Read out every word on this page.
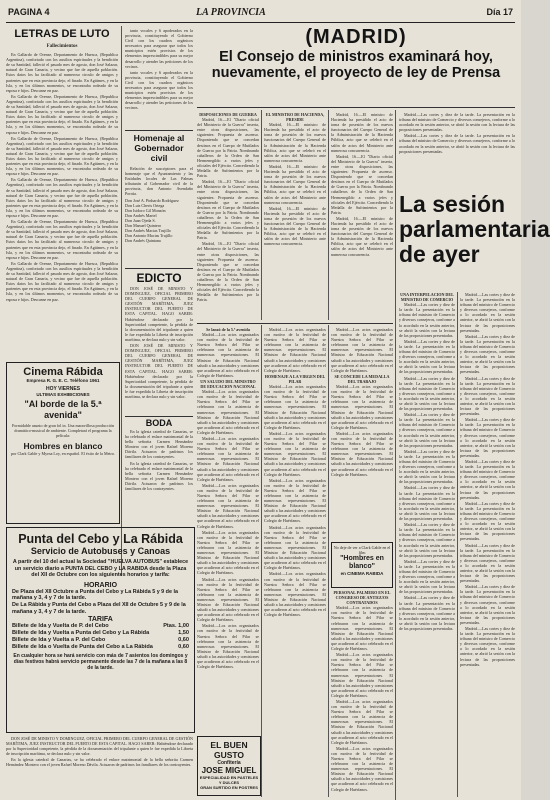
PAGINA 4	LA PROVINCIA	Día 17
LETRAS DE LUTO
Fallecimientos

En Gallardo de Orense, Departamento de Huesca, (Republica Argentina), confortado con los auxilios espirituales y la bendición de su Santidad, falleció el pasado mes de agosto, don José Salazar, natural de Gran Canaria, y vecino que fue de aquella población. Estos datos los ha facilitado al numeroso circulo de amigos y parientes que en esta provincia dejo, el finado. En Agüimes, y en la Isla, y en los últimos momentos, se encontraba rodeado de su esposa e hijos. Descanse en paz.

En Gallardo de Orense, Departamento de Huesca, (Republica Argentina), confortado con los auxilios espirituales y la bendición de su Santidad, falleció el pasado mes de agosto, don José Salazar, natural de Gran Canaria, y vecino que fue de aquella población. Estos datos los ha facilitado al numeroso circulo de amigos y parientes que en esta provincia dejo, el finado. En Agüimes, y en la Isla, y en los últimos momentos, se encontraba rodeado de su esposa e hijos. Descanse en paz.

En Gallardo de Orense, Departamento de Huesca, (Republica Argentina), confortado con los auxilios espirituales y la bendición de su Santidad, falleció el pasado mes de agosto, don José Salazar, natural de Gran Canaria, y vecino que fue de aquella población. Estos datos los ha facilitado al numeroso circulo de amigos y parientes que en esta provincia dejo, el finado. En Agüimes, y en la Isla, y en los últimos momentos, se encontraba rodeado de su esposa e hijos. Descanse en paz.

En Gallardo de Orense, Departamento de Huesca, (Republica Argentina), confortado con los auxilios espirituales y la bendición de su Santidad, falleció el pasado mes de agosto, don José Salazar, natural de Gran Canaria, y vecino que fue de aquella población. Estos datos los ha facilitado al numeroso circulo de amigos y parientes que en esta provincia dejo, el finado. En Agüimes, y en la Isla, y en los últimos momentos, se encontraba rodeado de su esposa e hijos. Descanse en paz.

En Gallardo de Orense, Departamento de Huesca, (Republica Argentina), confortado con los auxilios espirituales y la bendición de su Santidad, falleció el pasado mes de agosto, don José Salazar, natural de Gran Canaria, y vecino que fue de aquella población. Estos datos los ha facilitado al numeroso circulo de amigos y parientes que en esta provincia dejo, el finado. En Agüimes, y en la Isla, y en los últimos momentos, se encontraba rodeado de su esposa e hijos. Descanse en paz.

En Gallardo de Orense, Departamento de Huesca, (Republica Argentina), confortado con los auxilios espirituales y la bendición de su Santidad, falleció el pasado mes de agosto, don José Salazar, natural de Gran Canaria, y vecino que fue de aquella población. Estos datos los ha facilitado al numeroso circulo de amigos y parientes que en esta provincia dejo, el finado. En Agüimes, y en la Isla, y en los últimos momentos, se encontraba rodeado de su esposa e hijos. Descanse en paz.

tanto vocales y 6 apoderados en la provincia, constituyendo el Gobierno Civil con los cuadros orgánicos necesarios para asegurar que todos los municipios estén provistos de los elementos imprescindibles para su mejor desarrollo y atender las peticiones de los vecinos.

tanto vocales y 6 apoderados en la provincia, constituyendo el Gobierno Civil con los cuadros orgánicos necesarios para asegurar que todos los municipios estén provistos de los elementos imprescindibles para su mejor desarrollo y atender las peticiones de los vecinos.

Homenaje al Gobernador civil

Relación de suscriptores para el homenaje que el Ayuntamiento y las Entidades locales de Las Palmas tributarán al Gobernador civil de la provincia, don Antonio Avendaño Porrúa.

Don José A. Pinhardo Rodríguez
Don Luis Cheris Ortega
Don Isidoro Gil Monzón
Don Andrés Martel
Don Juan Ojeda S.
Don Manuel Quintero
Don Andrés Macias Trujillo
Don Antonio Macias Trujillo
Don Andrés Quintana
EDICTO

DON JOSÉ DE MINISTO Y DOMINGUEZ, OFICIAL PRIMERO DEL CUERPO GENERAL DE GESTIÓN MARÍTIMA, JUEZ INSTRUCTOR DEL PUERTO DE ESTA CAPITAL. HAGO SABER: Habiéndose declarado por la Superioridad competente, la pérdida de la documentación del tripulante a quien le fue expedida la Libreta de inscripción marítima, se declara nulo y sin valor.

DON JOSÉ DE MINISTO Y DOMINGUEZ, OFICIAL PRIMERO DEL CUERPO GENERAL DE GESTIÓN MARÍTIMA, JUEZ INSTRUCTOR DEL PUERTO DE ESTA CAPITAL. HAGO SABER: Habiéndose declarado por la Superioridad competente, la pérdida de la documentación del tripulante a quien le fue expedida la Libreta de inscripción marítima, se declara nulo y sin valor.

BODA

En la iglesia catedral de Canarias, se ha celebrado el enlace matrimonial de la bella señorita Carmen Hernández Montero con el joven Rafael Moreno Dávila. Actuaron de padrinos los familiares de los contrayentes.

En la iglesia catedral de Canarias, se ha celebrado el enlace matrimonial de la bella señorita Carmen Hernández Montero con el joven Rafael Moreno Dávila. Actuaron de padrinos los familiares de los contrayentes.

Cinema Rábida
Empresa R. G. E. C. Teléfono 1961
HOY VIERNES
ULTIMAS EXHIBICIONES
"Al borde de la 5.ª avenida"
Formidable asunto de gran fol in. Una maravillosa producción dramático-musical de ambiente. Completará el programa la película:
Hombres en blanco
por Clark Gable y Myrna Loy, en español. El éxito de la Metro.
Punta del Cebo y La Rábida
Servicio de Autobuses y Canoas
A partir del 10 del actual la Sociedad "HUELVA AUTOBUS" establece un servicio diario a PUNTA DEL CEBO y LA RABIDA desde la Plaza del XII de Octubre con los siguientes horarios y tarifa:
HORARIO
De Plaza del XII Octubre a Punta del Cebo y La Rábida 5 y 9 de la mañana y 3, 4 y 7 de la tarde.
De La Rábida y Punta del Cebo a Plaza del XII de Octubre 5 y 9 de la mañana y 3, 4 y 7 de la tarde.
TARIFA
Billete de Ida y Vuelta de P. del Cebo	Ptas. 1,00
Billete de Ida y Vuelta a Punta del Cebo y La Rábida	1,50
Billete de Ida y Vuelta a P. del Cebo	0,60
Billete de Ida o Vuelta de Punta del Cebo a La Rábida	0,60
En cualquier hora se hará servicio con más de 7 asientos los domingos y días festivos habrá servicio permanente desde las 7 de la mañana a las 8 de la tarde.
(MADRID)
El Consejo de ministros examinará hoy, nuevamente, el proyecto de ley de Prensa
DISPOSICIONES DE GUERRA

Madrid, 16.—El "Diario oficial del Ministerio de la Guerra" inserta, entre otras disposiciones, las siguientes: Propuesta de ascenso. Disponiendo que se concedan destinos en el Cuerpo de Mutilados de Guerra por la Patria. Nombrando caballeros de la Orden de San Hermenegildo a varios jefes y oficiales del Ejército. Concediendo la Medalla de Sufrimientos por la Patria.

Madrid, 16.—El "Diario oficial del Ministerio de la Guerra" inserta, entre otras disposiciones, las siguientes: Propuesta de ascenso. Disponiendo que se concedan destinos en el Cuerpo de Mutilados de Guerra por la Patria. Nombrando caballeros de la Orden de San Hermenegildo a varios jefes y oficiales del Ejército. Concediendo la Medalla de Sufrimientos por la Patria.

Madrid, 16.—El "Diario oficial del Ministerio de la Guerra" inserta, entre otras disposiciones, las siguientes: Propuesta de ascenso. Disponiendo que se concedan destinos en el Cuerpo de Mutilados de Guerra por la Patria. Nombrando caballeros de la Orden de San Hermenegildo a varios jefes y oficiales del Ejército. Concediendo la Medalla de Sufrimientos por la Patria.

EL MINISTRO DE HACIENDA, PRESIDE

Madrid, 16.—El ministro de Hacienda ha presidido el acto de toma de posesión de los nuevos funcionarios del Cuerpo General de la Administración de la Hacienda Pública, acto que se celebró en el salón de actos del Ministerio ante numerosa concurrencia.

Madrid, 16.—El ministro de Hacienda ha presidido el acto de toma de posesión de los nuevos funcionarios del Cuerpo General de la Administración de la Hacienda Pública, acto que se celebró en el salón de actos del Ministerio ante numerosa concurrencia.

Madrid, 16.—El ministro de Hacienda ha presidido el acto de toma de posesión de los nuevos funcionarios del Cuerpo General de la Administración de la Hacienda Pública, acto que se celebró en el salón de actos del Ministerio ante numerosa concurrencia.

Madrid, 16.—El ministro de Hacienda ha presidido el acto de toma de posesión de los nuevos funcionarios del Cuerpo General de la Administración de la Hacienda Pública, acto que se celebró en el salón de actos del Ministerio ante numerosa concurrencia.

Madrid, 16.—El "Diario oficial del Ministerio de la Guerra" inserta, entre otras disposiciones, las siguientes: Propuesta de ascenso. Disponiendo que se concedan destinos en el Cuerpo de Mutilados de Guerra por la Patria. Nombrando caballeros de la Orden de San Hermenegildo a varios jefes y oficiales del Ejército. Concediendo la Medalla de Sufrimientos por la Patria.

Madrid, 16.—El ministro de Hacienda ha presidido el acto de toma de posesión de los nuevos funcionarios del Cuerpo General de la Administración de la Hacienda Pública, acto que se celebró en el salón de actos del Ministerio ante numerosa concurrencia.

Madrid.—Las cortes y diez de la tarde. La presentación en la tribuna del ministro de Comercio y diversos consejeros, conforme a lo acordado en la sesión anterior, se abrió la sesión con la lectura de las proposiciones presentadas.

Madrid.—Las cortes y diez de la tarde. La presentación en la tribuna del ministro de Comercio y diversos consejeros, conforme a lo acordado en la sesión anterior, se abrió la sesión con la lectura de las proposiciones presentadas.

La sesión parlamentaria de ayer
UNA INTERPELACION DEL MINISTRO DE COMERCIO

Madrid.—Las cortes y diez de la tarde. La presentación en la tribuna del ministro de Comercio y diversos consejeros, conforme a lo acordado en la sesión anterior, se abrió la sesión con la lectura de las proposiciones presentadas.

Madrid.—Las cortes y diez de la tarde. La presentación en la tribuna del ministro de Comercio y diversos consejeros, conforme a lo acordado en la sesión anterior, se abrió la sesión con la lectura de las proposiciones presentadas.

Madrid.—Las cortes y diez de la tarde. La presentación en la tribuna del ministro de Comercio y diversos consejeros, conforme a lo acordado en la sesión anterior, se abrió la sesión con la lectura de las proposiciones presentadas.

Madrid.—Las cortes y diez de la tarde. La presentación en la tribuna del ministro de Comercio y diversos consejeros, conforme a lo acordado en la sesión anterior, se abrió la sesión con la lectura de las proposiciones presentadas.

Madrid.—Las cortes y diez de la tarde. La presentación en la tribuna del ministro de Comercio y diversos consejeros, conforme a lo acordado en la sesión anterior, se abrió la sesión con la lectura de las proposiciones presentadas.

Madrid.—Las cortes y diez de la tarde. La presentación en la tribuna del ministro de Comercio y diversos consejeros, conforme a lo acordado en la sesión anterior, se abrió la sesión con la lectura de las proposiciones presentadas.

Madrid.—Las cortes y diez de la tarde. La presentación en la tribuna del ministro de Comercio y diversos consejeros, conforme a lo acordado en la sesión anterior, se abrió la sesión con la lectura de las proposiciones presentadas.

Madrid.—Las cortes y diez de la tarde. La presentación en la tribuna del ministro de Comercio y diversos consejeros, conforme a lo acordado en la sesión anterior, se abrió la sesión con la lectura de las proposiciones presentadas.

Madrid.—Las cortes y diez de la tarde. La presentación en la tribuna del ministro de Comercio y diversos consejeros, conforme a lo acordado en la sesión anterior, se abrió la sesión con la lectura de las proposiciones presentadas.

Madrid.—Las cortes y diez de la tarde. La presentación en la tribuna del ministro de Comercio y diversos consejeros, conforme a lo acordado en la sesión anterior, se abrió la sesión con la lectura de las proposiciones presentadas.

Madrid.—Las cortes y diez de la tarde. La presentación en la tribuna del ministro de Comercio y diversos consejeros, conforme a lo acordado en la sesión anterior, se abrió la sesión con la lectura de las proposiciones presentadas.

Madrid.—Las cortes y diez de la tarde. La presentación en la tribuna del ministro de Comercio y diversos consejeros, conforme a lo acordado en la sesión anterior, se abrió la sesión con la lectura de las proposiciones presentadas.

Madrid.—Las cortes y diez de la tarde. La presentación en la tribuna del ministro de Comercio y diversos consejeros, conforme a lo acordado en la sesión anterior, se abrió la sesión con la lectura de las proposiciones presentadas.

Madrid.—Las cortes y diez de la tarde. La presentación en la tribuna del ministro de Comercio y diversos consejeros, conforme a lo acordado en la sesión anterior, se abrió la sesión con la lectura de las proposiciones presentadas.

Madrid.—Las cortes y diez de la tarde. La presentación en la tribuna del ministro de Comercio y diversos consejeros, conforme a lo acordado en la sesión anterior, se abrió la sesión con la lectura de las proposiciones presentadas.

Madrid.—Las cortes y diez de la tarde. La presentación en la tribuna del ministro de Comercio y diversos consejeros, conforme a lo acordado en la sesión anterior, se abrió la sesión con la lectura de las proposiciones presentadas.

Madrid.—Las cortes y diez de la tarde. La presentación en la tribuna del ministro de Comercio y diversos consejeros, conforme a lo acordado en la sesión anterior, se abrió la sesión con la lectura de las proposiciones presentadas.

Madrid.—Las cortes y diez de la tarde. La presentación en la tribuna del ministro de Comercio y diversos consejeros, conforme a lo acordado en la sesión anterior, se abrió la sesión con la lectura de las proposiciones presentadas.

Se lanzó de la 5.ª avenida

Madrid.—Los actos organizados con motivo de la festividad de Nuestra Señora del Pilar se celebraron con la asistencia de numerosas representaciones. El Ministro de Educación Nacional saludó a las autoridades y comisiones que acudieron al acto celebrado en el Colegio de Huérfanos.

UN SALUDO DEL MINISTRO DE EDUCACION NACIONAL

Madrid.—Los actos organizados con motivo de la festividad de Nuestra Señora del Pilar se celebraron con la asistencia de numerosas representaciones. El Ministro de Educación Nacional saludó a las autoridades y comisiones que acudieron al acto celebrado en el Colegio de Huérfanos.

Madrid.—Los actos organizados con motivo de la festividad de Nuestra Señora del Pilar se celebraron con la asistencia de numerosas representaciones. El Ministro de Educación Nacional saludó a las autoridades y comisiones que acudieron al acto celebrado en el Colegio de Huérfanos.

Madrid.—Los actos organizados con motivo de la festividad de Nuestra Señora del Pilar se celebraron con la asistencia de numerosas representaciones. El Ministro de Educación Nacional saludó a las autoridades y comisiones que acudieron al acto celebrado en el Colegio de Huérfanos.

Madrid.—Los actos organizados con motivo de la festividad de Nuestra Señora del Pilar se celebraron con la asistencia de numerosas representaciones. El Ministro de Educación Nacional saludó a las autoridades y comisiones que acudieron al acto celebrado en el Colegio de Huérfanos.

Madrid.—Los actos organizados con motivo de la festividad de Nuestra Señora del Pilar se celebraron con la asistencia de numerosas representaciones. El Ministro de Educación Nacional saludó a las autoridades y comisiones que acudieron al acto celebrado en el Colegio de Huérfanos.

Madrid.—Los actos organizados con motivo de la festividad de Nuestra Señora del Pilar se celebraron con la asistencia de numerosas representaciones. El Ministro de Educación Nacional saludó a las autoridades y comisiones que acudieron al acto celebrado en el Colegio de Huérfanos.

Madrid.—Los actos organizados con motivo de la festividad de Nuestra Señora del Pilar se celebraron con la asistencia de numerosas representaciones. El Ministro de Educación Nacional saludó a las autoridades y comisiones que acudieron al acto celebrado en el Colegio de Huérfanos.

HOMENAJE A LA VIRGEN DEL PILAR

Madrid.—Los actos organizados con motivo de la festividad de Nuestra Señora del Pilar se celebraron con la asistencia de numerosas representaciones. El Ministro de Educación Nacional saludó a las autoridades y comisiones que acudieron al acto celebrado en el Colegio de Huérfanos.

Madrid.—Los actos organizados con motivo de la festividad de Nuestra Señora del Pilar se celebraron con la asistencia de numerosas representaciones. El Ministro de Educación Nacional saludó a las autoridades y comisiones que acudieron al acto celebrado en el Colegio de Huérfanos.

Madrid.—Los actos organizados con motivo de la festividad de Nuestra Señora del Pilar se celebraron con la asistencia de numerosas representaciones. El Ministro de Educación Nacional saludó a las autoridades y comisiones que acudieron al acto celebrado en el Colegio de Huérfanos.

Madrid.—Los actos organizados con motivo de la festividad de Nuestra Señora del Pilar se celebraron con la asistencia de numerosas representaciones. El Ministro de Educación Nacional saludó a las autoridades y comisiones que acudieron al acto celebrado en el Colegio de Huérfanos.

Madrid.—Los actos organizados con motivo de la festividad de Nuestra Señora del Pilar se celebraron con la asistencia de numerosas representaciones. El Ministro de Educación Nacional saludó a las autoridades y comisiones que acudieron al acto celebrado en el Colegio de Huérfanos.

Madrid.—Los actos organizados con motivo de la festividad de Nuestra Señora del Pilar se celebraron con la asistencia de numerosas representaciones. El Ministro de Educación Nacional saludó a las autoridades y comisiones que acudieron al acto celebrado en el Colegio de Huérfanos.

SE CONCEDE LA MEDALLA DEL TRABAJO

Madrid.—Los actos organizados con motivo de la festividad de Nuestra Señora del Pilar se celebraron con la asistencia de numerosas representaciones. El Ministro de Educación Nacional saludó a las autoridades y comisiones que acudieron al acto celebrado en el Colegio de Huérfanos.

Madrid.—Los actos organizados con motivo de la festividad de Nuestra Señora del Pilar se celebraron con la asistencia de numerosas representaciones. El Ministro de Educación Nacional saludó a las autoridades y comisiones que acudieron al acto celebrado en el Colegio de Huérfanos.

No deje de ver a Clark Gable en el film
"Hombres en blanco"
en CINEMA RABIDA
PERSONAL PALMERO EN EL CONGRESO DE ANTIGUOS CONTRATADOS

Madrid.—Los actos organizados con motivo de la festividad de Nuestra Señora del Pilar se celebraron con la asistencia de numerosas representaciones. El Ministro de Educación Nacional saludó a las autoridades y comisiones que acudieron al acto celebrado en el Colegio de Huérfanos.

Madrid.—Los actos organizados con motivo de la festividad de Nuestra Señora del Pilar se celebraron con la asistencia de numerosas representaciones. El Ministro de Educación Nacional saludó a las autoridades y comisiones que acudieron al acto celebrado en el Colegio de Huérfanos.

Madrid.—Los actos organizados con motivo de la festividad de Nuestra Señora del Pilar se celebraron con la asistencia de numerosas representaciones. El Ministro de Educación Nacional saludó a las autoridades y comisiones que acudieron al acto celebrado en el Colegio de Huérfanos.

Madrid.—Los actos organizados con motivo de la festividad de Nuestra Señora del Pilar se celebraron con la asistencia de numerosas representaciones. El Ministro de Educación Nacional saludó a las autoridades y comisiones que acudieron al acto celebrado en el Colegio de Huérfanos.

EL BUEN GUSTO
Confitería
JOSE MIGUEL
ESPECIALIDAD EN PASTELES Y DULCES
GRAN SURTIDO EN POSTRES

DON JOSÉ DE MINISTO Y DOMINGUEZ, OFICIAL PRIMERO DEL CUERPO GENERAL DE GESTIÓN MARÍTIMA, JUEZ INSTRUCTOR DEL PUERTO DE ESTA CAPITAL. HAGO SABER: Habiéndose declarado por la Superioridad competente, la pérdida de la documentación del tripulante a quien le fue expedida la Libreta de inscripción marítima, se declara nulo y sin valor.

En la iglesia catedral de Canarias, se ha celebrado el enlace matrimonial de la bella señorita Carmen Hernández Montero con el joven Rafael Moreno Dávila. Actuaron de padrinos los familiares de los contrayentes.
